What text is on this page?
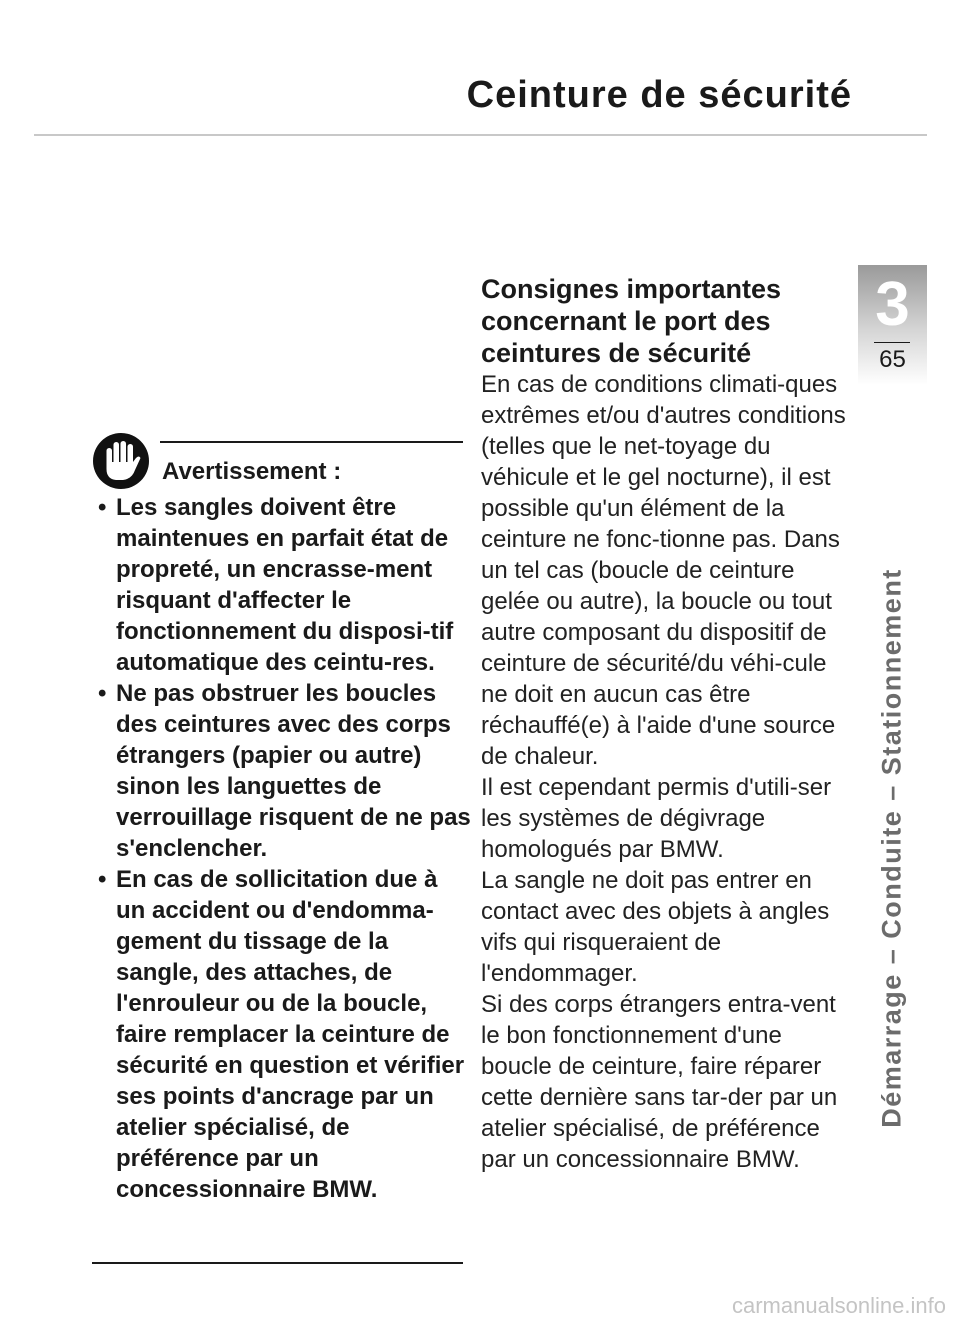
Ceinture de sécurité
3
65
Démarrage – Conduite – Stationnement
Avertissement :
• Les sangles doivent être maintenues en parfait état de propreté, un encrasse-ment risquant d'affecter le fonctionnement du disposi-tif automatique des ceintu-res.
• Ne pas obstruer les boucles des ceintures avec des corps étrangers (papier ou autre) sinon les languettes de verrouillage risquent de ne pas s'enclencher.
• En cas de sollicitation due à un accident ou d'endomma-gement du tissage de la sangle, des attaches, de l'enrouleur ou de la boucle, faire remplacer la ceinture de sécurité en question et vérifier ses points d'ancrage par un atelier spécialisé, de préférence par un concessionnaire BMW.
Consignes importantes concernant le port des ceintures de sécurité

En cas de conditions climati-ques extrêmes et/ou d'autres conditions (telles que le net-toyage du véhicule et le gel nocturne), il est possible qu'un élément de la ceinture ne fonc-tionne pas. Dans un tel cas (boucle de ceinture gelée ou autre), la boucle ou tout autre composant du dispositif de ceinture de sécurité/du véhi-cule ne doit en aucun cas être réchauffé(e) à l'aide d'une source de chaleur.

Il est cependant permis d'utili-ser les systèmes de dégivrage homologués par BMW.

La sangle ne doit pas entrer en contact avec des objets à angles vifs qui risqueraient de l'endommager.

Si des corps étrangers entra-vent le bon fonctionnement d'une boucle de ceinture, faire réparer cette dernière sans tar-der par un atelier spécialisé, de préférence par un concessionnaire BMW.

carmanualsonline.info
